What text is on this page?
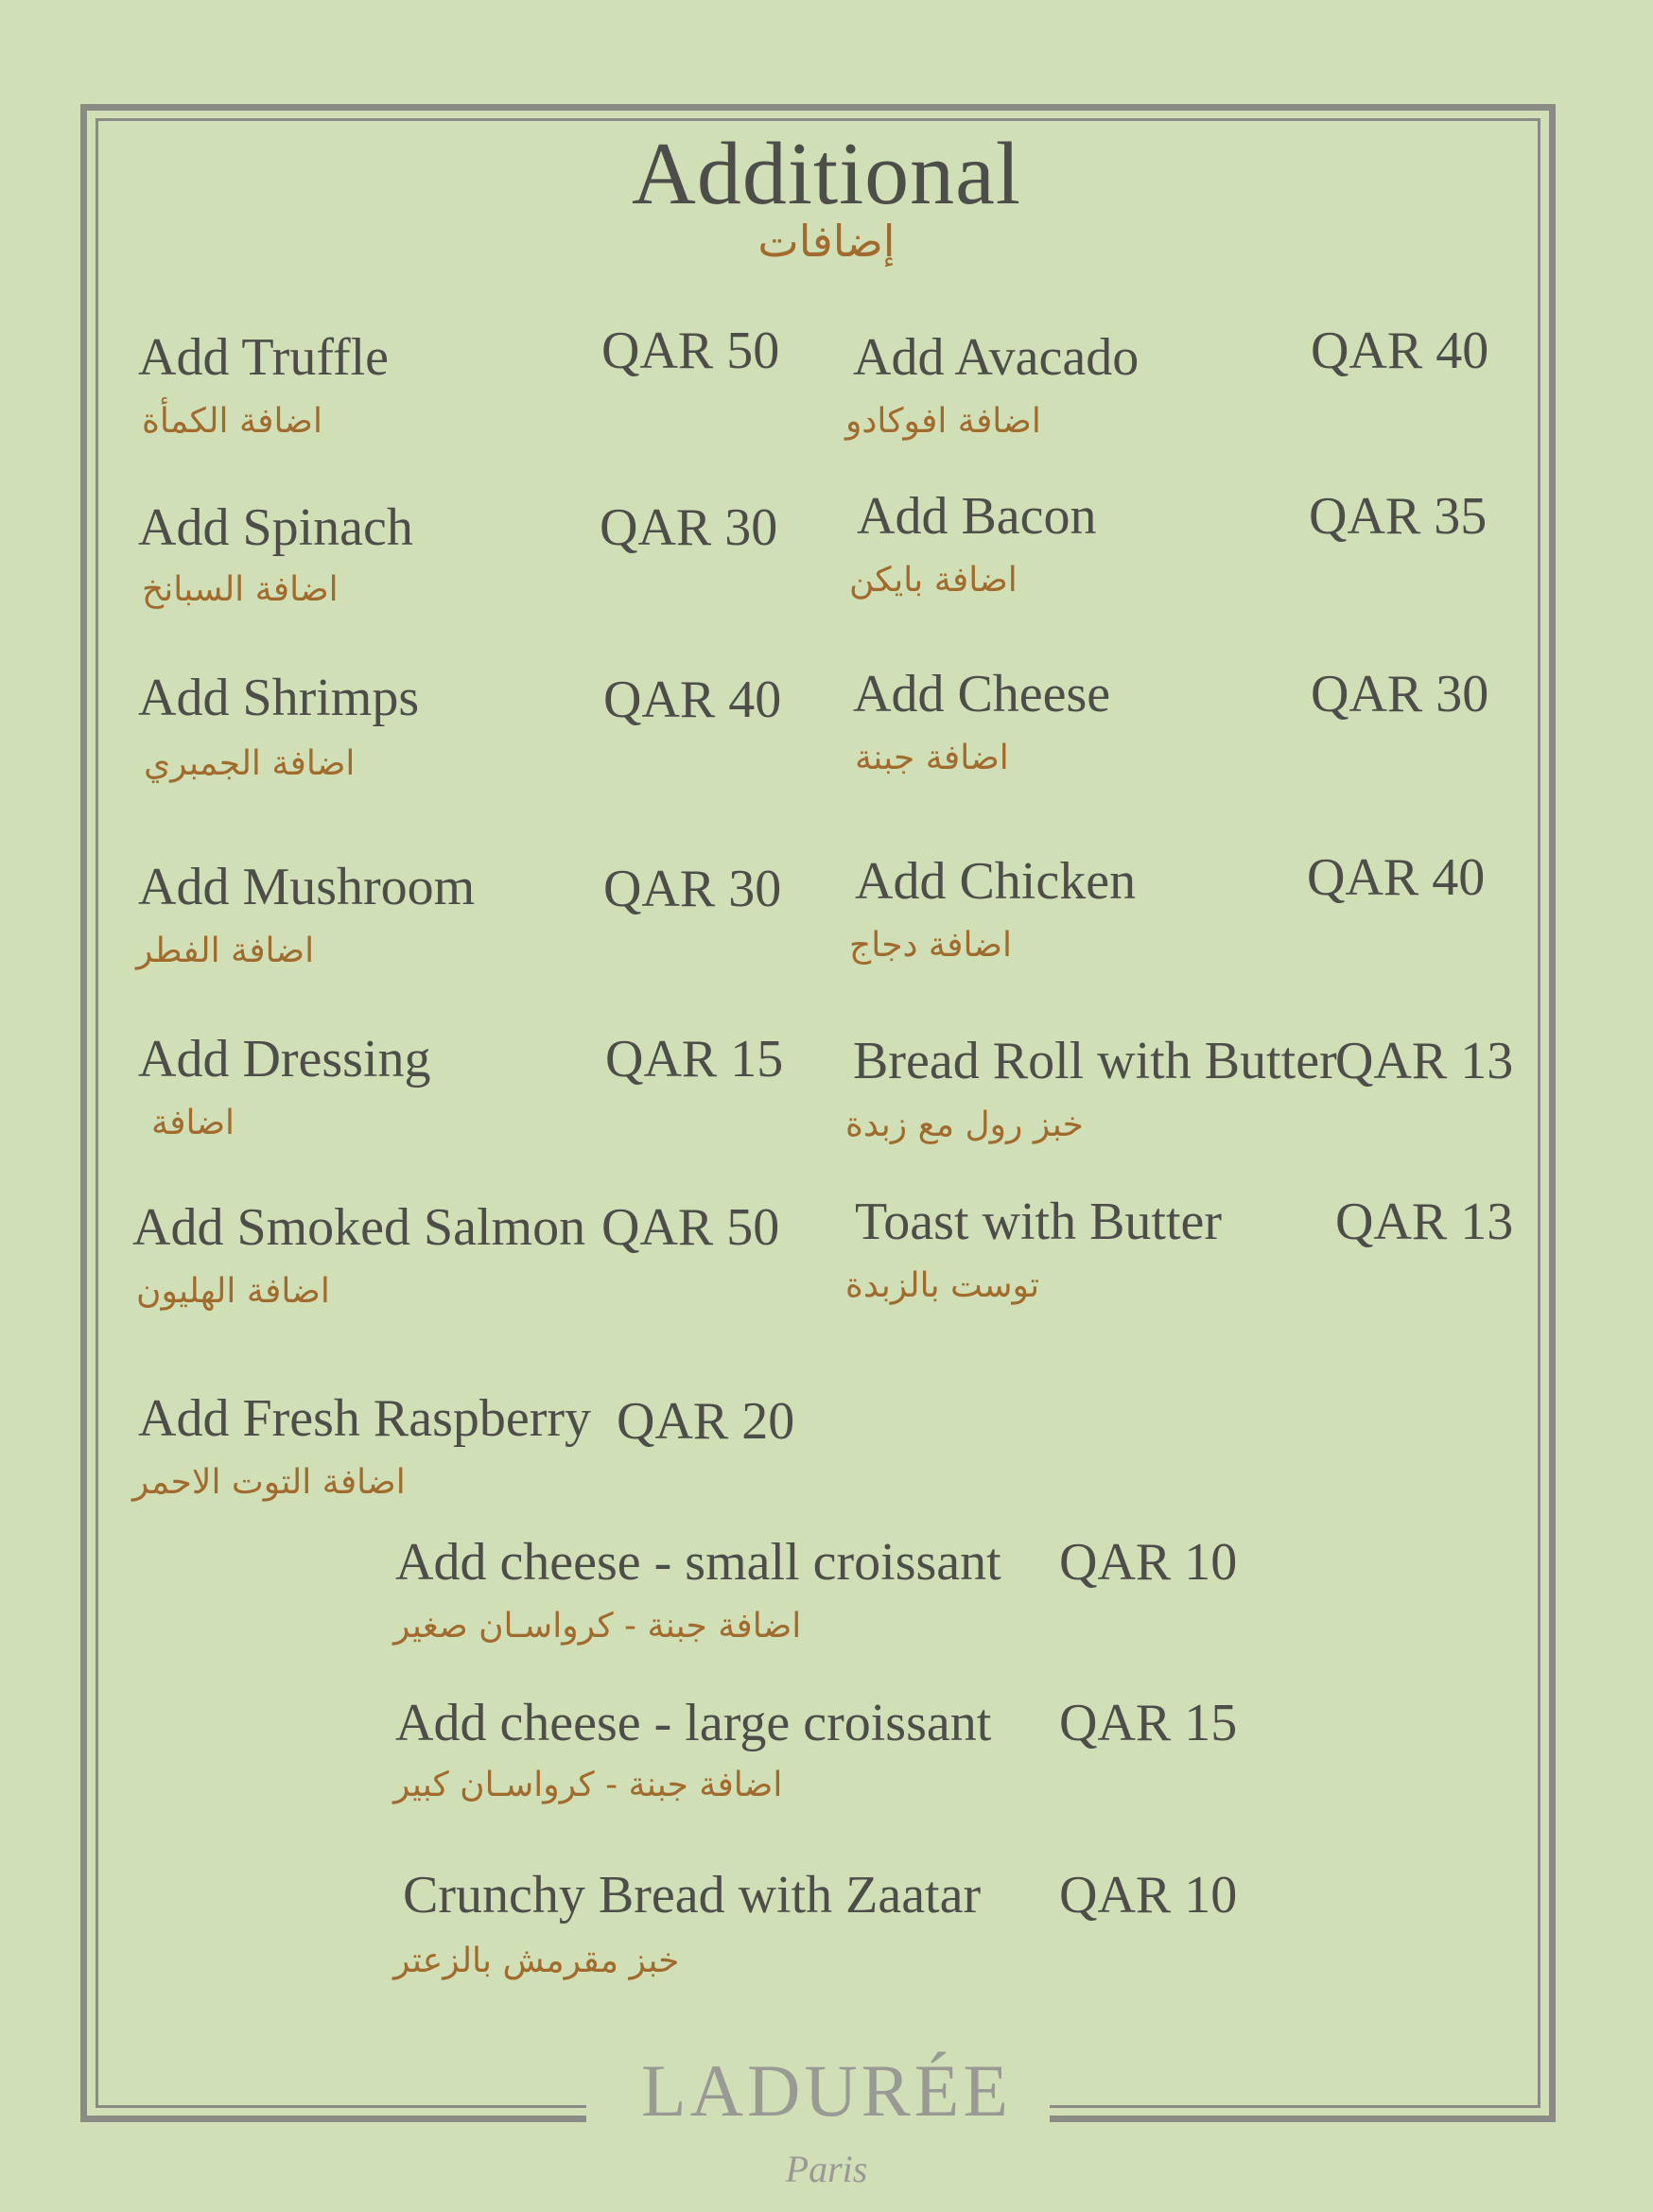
Additional
إضافات
Add Truffle	QAR 50
اضافة الكمأة
Add Spinach	QAR 30
اضافة السبانخ
Add Shrimps	QAR 40
اضافة الجمبري
Add Mushroom QAR 30
اضافة الفطر
Add Dressing	QAR 15
اضافة
Add Smoked Salmon QAR 50
اضافة الهليون
Add Fresh Raspberry QAR 20
اضافة التوت الاحمر
Add Avacado	QAR 40
اضافة افوكادو
Add Bacon	QAR 35
اضافة بايكن
Add Cheese	QAR 30
اضافة جبنة
Add Chicken	QAR 40
اضافة دجاج
Bread Roll with Butter
QAR 13
خبز رول مع زبدة
Toast with Butter QAR 13
توست بالزبدة
Add cheese - small croissant QAR 10
اضافة جبنة - كرواسـان صغير
Add cheese - large croissant QAR 15
اضافة جبنة - كرواسـان كبير
Crunchy Bread with Zaatar QAR 10
خبز مقرمش بالزعتر
LADURÉE
Paris
